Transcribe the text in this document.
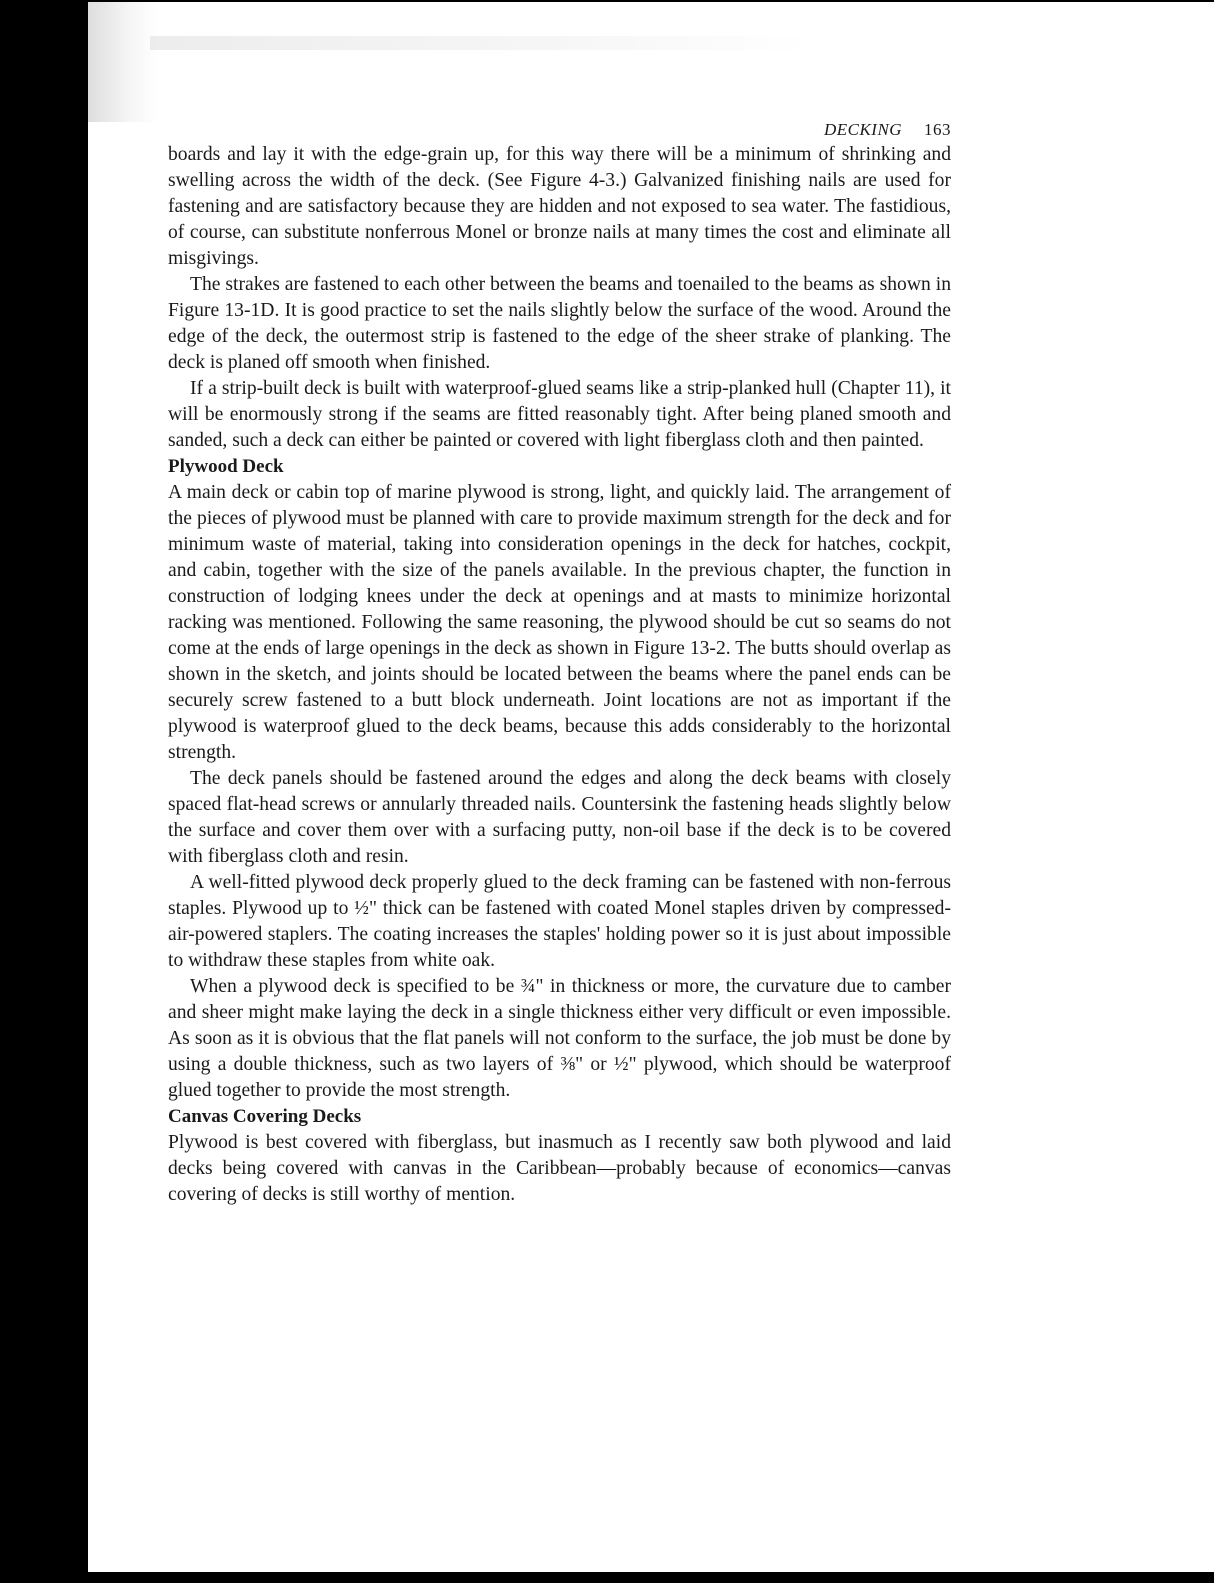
DECKING 163

boards and lay it with the edge-grain up, for this way there will be a minimum of shrinking and swelling across the width of the deck. (See Figure 4-3.) Galvanized finishing nails are used for fastening and are satisfactory because they are hidden and not exposed to sea water. The fastidious, of course, can substitute nonferrous Monel or bronze nails at many times the cost and eliminate all misgivings.

The strakes are fastened to each other between the beams and toenailed to the beams as shown in Figure 13-1D. It is good practice to set the nails slightly below the surface of the wood. Around the edge of the deck, the outermost strip is fastened to the edge of the sheer strake of planking. The deck is planed off smooth when finished.

If a strip-built deck is built with waterproof-glued seams like a strip-planked hull (Chapter 11), it will be enormously strong if the seams are fitted reasonably tight. After being planed smooth and sanded, such a deck can either be painted or covered with light fiberglass cloth and then painted.

Plywood Deck

A main deck or cabin top of marine plywood is strong, light, and quickly laid. The arrangement of the pieces of plywood must be planned with care to provide maximum strength for the deck and for minimum waste of material, taking into consideration openings in the deck for hatches, cockpit, and cabin, together with the size of the panels available. In the previous chapter, the function in construction of lodging knees under the deck at openings and at masts to minimize horizontal racking was mentioned. Following the same reasoning, the plywood should be cut so seams do not come at the ends of large openings in the deck as shown in Figure 13-2. The butts should overlap as shown in the sketch, and joints should be located between the beams where the panel ends can be securely screw fastened to a butt block underneath. Joint locations are not as important if the plywood is waterproof glued to the deck beams, because this adds considerably to the horizontal strength.

The deck panels should be fastened around the edges and along the deck beams with closely spaced flat-head screws or annularly threaded nails. Countersink the fastening heads slightly below the surface and cover them over with a surfacing putty, non-oil base if the deck is to be covered with fiberglass cloth and resin.

A well-fitted plywood deck properly glued to the deck framing can be fastened with non-ferrous staples. Plywood up to ½" thick can be fastened with coated Monel staples driven by compressed-air-powered staplers. The coating increases the staples' holding power so it is just about impossible to withdraw these staples from white oak.

When a plywood deck is specified to be ¾" in thickness or more, the curvature due to camber and sheer might make laying the deck in a single thickness either very difficult or even impossible. As soon as it is obvious that the flat panels will not conform to the surface, the job must be done by using a double thickness, such as two layers of ⅜" or ½" plywood, which should be waterproof glued together to provide the most strength.

Canvas Covering Decks

Plywood is best covered with fiberglass, but inasmuch as I recently saw both plywood and laid decks being covered with canvas in the Caribbean—probably because of economics—canvas covering of decks is still worthy of mention.
